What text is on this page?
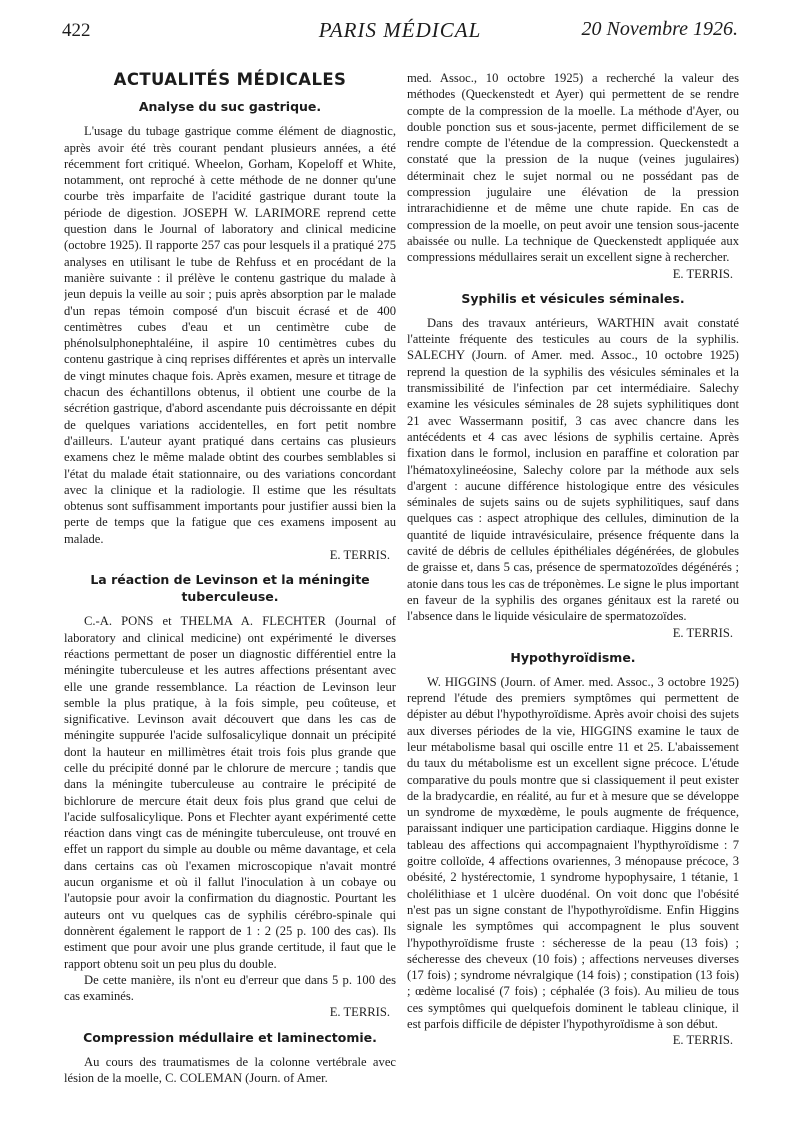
422	PARIS MÉDICAL	20 Novembre 1926.
ACTUALITÉS MÉDICALES
Analyse du suc gastrique.

L'usage du tubage gastrique comme élément de diagnostic, après avoir été très courant pendant plusieurs années, a été récemment fort critiqué. Wheelon, Gorham, Kopeloff et White, notamment, ont reproché à cette méthode de ne donner qu'une courbe très imparfaite de l'acidité gastrique durant toute la période de digestion. JOSEPH W. LARIMORE reprend cette question dans le Journal of laboratory and clinical medicine (octobre 1925). Il rapporte 257 cas pour lesquels il a pratiqué 275 analyses en utilisant le tube de Rehfuss et en procédant de la manière suivante : il prélève le contenu gastrique du malade à jeun depuis la veille au soir ; puis après absorption par le malade d'un repas témoin composé d'un biscuit écrasé et de 400 centimètres cubes d'eau et un centimètre cube de phénolsulphonephtaléine, il aspire 10 centimètres cubes du contenu gastrique à cinq reprises différentes et après un intervalle de vingt minutes chaque fois. Après examen, mesure et titrage de chacun des échantillons obtenus, il obtient une courbe de la sécrétion gastrique, d'abord ascendante puis décroissante en dépit de quelques variations accidentelles, en fort petit nombre d'ailleurs. L'auteur ayant pratiqué dans certains cas plusieurs examens chez le même malade obtint des courbes semblables si l'état du malade était stationnaire, ou des variations concordant avec la clinique et la radiologie. Il estime que les résultats obtenus sont suffisamment importants pour justifier aussi bien la perte de temps que la fatigue que ces examens imposent au malade.

E. TERRIS.
La réaction de Levinson et la méningite tuberculeuse.

C.-A. PONS et THELMA A. FLECHTER (Journal of laboratory and clinical medicine) ont expérimenté le diverses réactions permettant de poser un diagnostic différentiel entre la méningite tuberculeuse et les autres affections présentant avec elle une grande ressemblance. La réaction de Levinson leur semble la plus pratique, à la fois simple, peu coûteuse, et significative. Levinson avait découvert que dans les cas de méningite suppurée l'acide sulfosalicylique donnait un précipité dont la hauteur en millimètres était trois fois plus grande que celle du précipité donné par le chlorure de mercure ; tandis que dans la méningite tuberculeuse au contraire le précipité de bichlorure de mercure était deux fois plus grand que celui de l'acide sulfosalicylique. Pons et Flechter ayant expérimenté cette réaction dans vingt cas de méningite tuberculeuse, ont trouvé en effet un rapport du simple au double ou même davantage, et cela dans certains cas où l'examen microscopique n'avait montré aucun organisme et où il fallut l'inoculation à un cobaye ou l'autopsie pour avoir la confirmation du diagnostic. Pourtant les auteurs ont vu quelques cas de syphilis cérébro-spinale qui donnèrent également le rapport de 1 : 2 (25 p. 100 des cas). Ils estiment que pour avoir une plus grande certitude, il faut que le rapport obtenu soit un peu plus du double.

De cette manière, ils n'ont eu d'erreur que dans 5 p. 100 des cas examinés.

E. TERRIS.
Compression médullaire et laminectomie.

Au cours des traumatismes de la colonne vertébrale avec lésion de la moelle, C. COLEMAN (Journ. of Amer.

med. Assoc., 10 octobre 1925) a recherché la valeur des méthodes (Queckenstedt et Ayer) qui permettent de se rendre compte de la compression de la moelle. La méthode d'Ayer, ou double ponction sus et sous-jacente, permet difficilement de se rendre compte de l'étendue de la compression. Queckenstedt a constaté que la pression de la nuque (veines jugulaires) déterminait chez le sujet normal ou ne possédant pas de compression jugulaire une élévation de la pression intrarachidienne et de même une chute rapide. En cas de compression de la moelle, on peut avoir une tension sous-jacente abaissée ou nulle. La technique de Queckenstedt appliquée aux compressions médullaires serait un excellent signe à rechercher.

E. TERRIS.
Syphilis et vésicules séminales.

Dans des travaux antérieurs, WARTHIN avait constaté l'atteinte fréquente des testicules au cours de la syphilis. SALECHY (Journ. of Amer. med. Assoc., 10 octobre 1925) reprend la question de la syphilis des vésicules séminales et la transmissibilité de l'infection par cet intermédiaire. Salechy examine les vésicules séminales de 28 sujets syphilitiques dont 21 avec Wassermann positif, 3 cas avec chancre dans les antécédents et 4 cas avec lésions de syphilis certaine. Après fixation dans le formol, inclusion en paraffine et coloration par l'hématoxylineéosine, Salechy colore par la méthode aux sels d'argent : aucune différence histologique entre des vésicules séminales de sujets sains ou de sujets syphilitiques, sauf dans quelques cas : aspect atrophique des cellules, diminution de la quantité de liquide intravésiculaire, présence fréquente dans la cavité de débris de cellules épithéliales dégénérées, de globules de graisse et, dans 5 cas, présence de spermatozoïdes dégénérés ; atonie dans tous les cas de tréponèmes. Le signe le plus important en faveur de la syphilis des organes génitaux est la rareté ou l'absence dans le liquide vésiculaire de spermatozoïdes.

E. TERRIS.
Hypothyroïdisme.

W. HIGGINS (Journ. of Amer. med. Assoc., 3 octobre 1925) reprend l'étude des premiers symptômes qui permettent de dépister au début l'hypothyroïdisme. Après avoir choisi des sujets aux diverses périodes de la vie, HIGGINS examine le taux de leur métabolisme basal qui oscille entre 11 et 25. L'abaissement du taux du métabolisme est un excellent signe précoce. L'étude comparative du pouls montre que si classiquement il peut exister de la bradycardie, en réalité, au fur et à mesure que se développe un syndrome de myxœdème, le pouls augmente de fréquence, paraissant indiquer une participation cardiaque. Higgins donne le tableau des affections qui accompagnaient l'hypthyroïdisme : 7 goitre colloïde, 4 affections ovariennes, 3 ménopause précoce, 3 obésité, 2 hystérectomie, 1 syndrome hypophysaire, 1 tétanie, 1 cholélithiase et 1 ulcère duodénal. On voit donc que l'obésité n'est pas un signe constant de l'hypothyroïdisme. Enfin Higgins signale les symptômes qui accompagnent le plus souvent l'hypothyroïdisme fruste : sécheresse de la peau (13 fois) ; sécheresse des cheveux (10 fois) ; affections nerveuses diverses (17 fois) ; syndrome névralgique (14 fois) ; constipation (13 fois) ; œdème localisé (7 fois) ; céphalée (3 fois). Au milieu de tous ces symptômes qui quelquefois dominent le tableau clinique, il est parfois difficile de dépister l'hypothyroïdisme à son début.

E. TERRIS.
